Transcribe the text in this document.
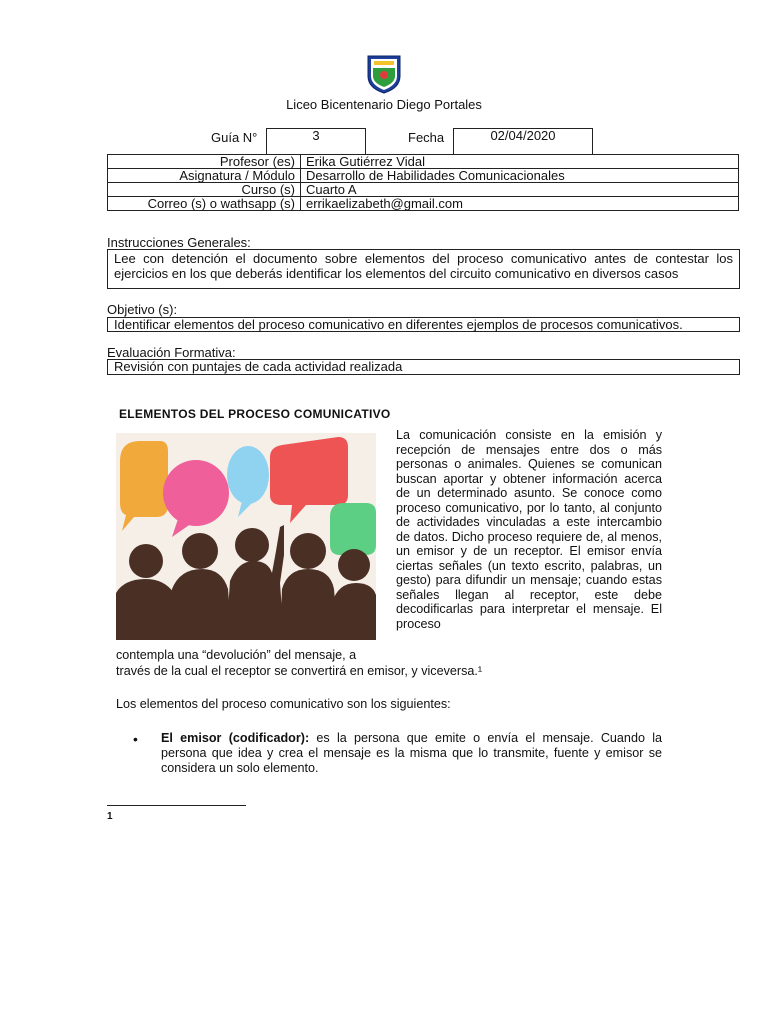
Liceo Bicentenario Diego Portales
Guía N°	3	Fecha	02/04/2020
Profesor (es)	Erika Gutiérrez Vidal
Asignatura / Módulo	Desarrollo de Habilidades Comunicacionales
Curso (s)	Cuarto A
Correo (s) o wathsapp (s)	errikaelizabeth@gmail.com
Instrucciones Generales:
Lee con detención el documento sobre elementos del proceso comunicativo antes de contestar los ejercicios en los que deberás identificar los elementos del circuito comunicativo en diversos casos
Objetivo (s):
Identificar elementos del proceso comunicativo en diferentes ejemplos de procesos comunicativos.
Evaluación Formativa:
Revisión con puntajes de cada actividad realizada
ELEMENTOS DEL PROCESO COMUNICATIVO
La comunicación consiste en la emisión y recepción de mensajes entre dos o más personas o animales. Quienes se comunican buscan aportar y obtener información acerca de un determinado asunto. Se conoce como proceso comunicativo, por lo tanto, al conjunto de actividades vinculadas a este intercambio de datos. Dicho proceso requiere de, al menos, un emisor y de un receptor. El emisor envía ciertas señales (un texto escrito, palabras, un gesto) para difundir un mensaje; cuando estas señales llegan al receptor, este debe decodificarlas para interpretar el mensaje. El proceso
contempla una “devolución” del mensaje, a
través de la cual el receptor se convertirá en emisor, y viceversa.¹
Los elementos del proceso comunicativo son los siguientes:
• El emisor (codificador): es la persona que emite o envía el mensaje. Cuando la persona que idea y crea el mensaje es la misma que lo transmite, fuente y emisor se considera un solo elemento.
1
